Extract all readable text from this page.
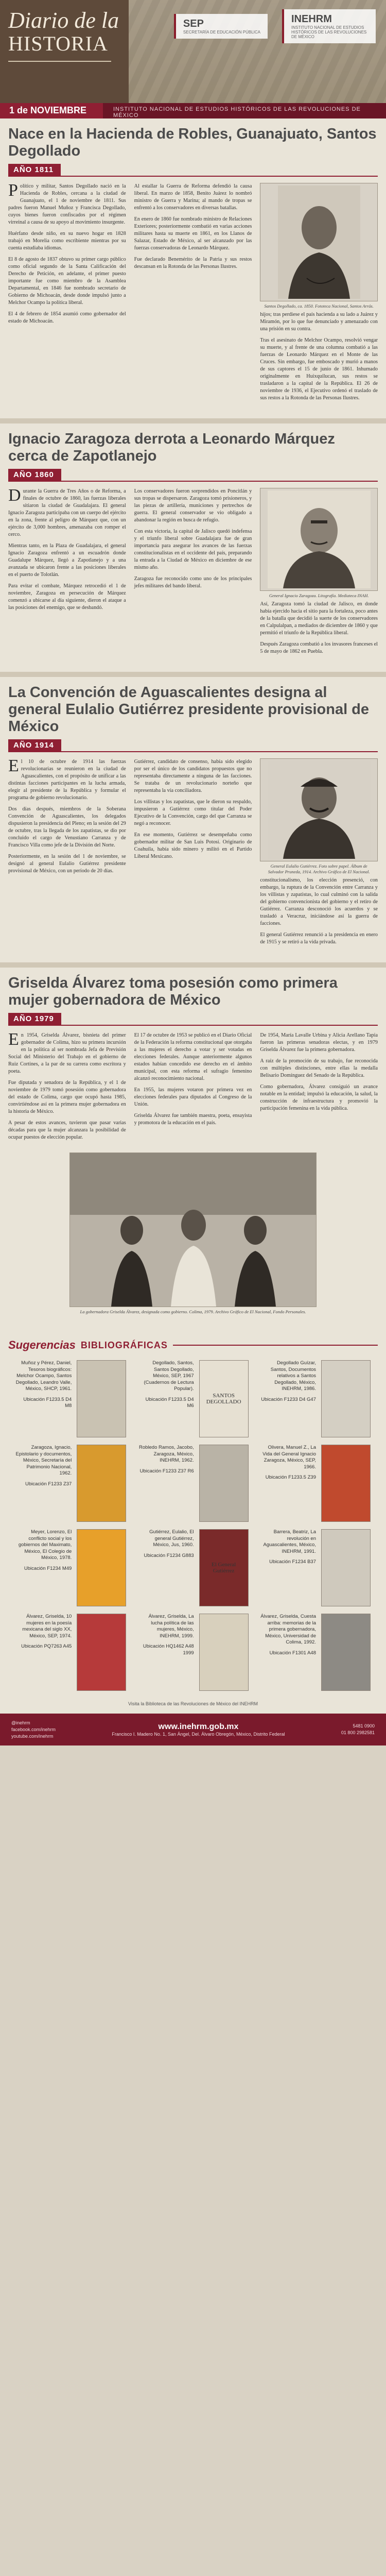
Diario de la
HISTORIA
SEP
SECRETARÍA DE EDUCACIÓN PÚBLICA
INEHRM
INSTITUTO NACIONAL DE ESTUDIOS HISTÓRICOS DE LAS REVOLUCIONES DE MÉXICO
1 de NOVIEMBRE	INSTITUTO NACIONAL DE ESTUDIOS HISTÓRICOS DE LAS REVOLUCIONES DE MÉXICO
Nace en la Hacienda de Robles, Guanajuato, Santos Degollado
AÑO 1811

Político y militar, Santos Degollado nació en la Hacienda de Robles, cercana a la ciudad de Guanajuato, el 1 de noviembre de 1811. Sus padres fueron Manuel Muñoz y Francisca Degollado, cuyos bienes fueron confiscados por el régimen virreinal a causa de su apoyo al movimiento insurgente.

Huérfano desde niño, en su nuevo hogar en 1828 trabajó en Morelia como escribiente mientras por su cuenta estudiaba idiomas.

El 8 de agosto de 1837 obtuvo su primer cargo público como oficial segundo de la Santa Calificación del Derecho de Petición, en adelante, el primer puesto importante fue como miembro de la Asamblea Departamental, en 1846 fue nombrado secretario de Gobierno de Michoacán, desde donde impulsó junto a Melchor Ocampo la política liberal.

El 4 de febrero de 1854 asumió como gobernador del estado de Michoacán.

Al estallar la Guerra de Reforma defendió la causa liberal. En marzo de 1858, Benito Juárez lo nombró ministro de Guerra y Marina; al mando de tropas se enfrentó a los conservadores en diversas batallas.

En enero de 1860 fue nombrado ministro de Relaciones Exteriores; posteriormente combatió en varias acciones militares hasta su muerte en 1861, en los Llanos de Salazar, Estado de México, al ser alcanzado por las fuerzas conservadoras de Leonardo Márquez.

Fue declarado Benemérito de la Patria y sus restos descansan en la Rotonda de las Personas Ilustres.

Santos Degollado, ca. 1850. Fototeca Nacional, Santos Arrás.

hijos; tras perdiese el país hacienda a su lado a Juárez y Miramón, por lo que fue denunciado y amenazado con una prisión en su contra.

Tras el asesinato de Melchor Ocampo, resolvió vengar su muerte, y al frente de una columna combatió a las fuerzas de Leonardo Márquez en el Monte de las Cruces. Sin embargo, fue emboscado y murió a manos de sus captores el 15 de junio de 1861. Inhumado originalmente en Huixquilucan, sus restos se trasladaron a la capital de la República. El 26 de noviembre de 1936, el Ejecutivo ordenó el traslado de sus restos a la Rotonda de las Personas Ilustres.

Ignacio Zaragoza derrota a Leonardo Márquez cerca de Zapotlanejo
AÑO 1860

Durante la Guerra de Tres Años o de Reforma, a finales de octubre de 1860, las fuerzas liberales sitiaron la ciudad de Guadalajara. El general Ignacio Zaragoza participaba con un cuerpo del ejército en la zona, frente al peligro de Márquez que, con un ejército de 3,000 hombres, amenazaba con romper el cerco.

Mientras tanto, en la Plaza de Guadalajara, el general Ignacio Zaragoza enfrentó a un escuadrón donde Guadalupe Márquez, llegó a Zapotlanejo y a una avanzada se ubicaron frente a las posiciones liberales en el puerto de Tolotlán.

Para evitar el combate, Márquez retrocedió el 1 de noviembre, Zaragoza en persecución de Márquez comenzó a ubicarse al día siguiente, dieron el ataque a las posiciones del enemigo, que se desbandó.

Los conservadores fueron sorprendidos en Poncitlán y sus tropas se dispersaron. Zaragoza tomó prisioneros, y las piezas de artillería, municiones y pertrechos de guerra. El general conservador se vio obligado a abandonar la región en busca de refugio.

Con esta victoria, la capital de Jalisco quedó indefensa y el triunfo liberal sobre Guadalajara fue de gran importancia para asegurar los avances de las fuerzas constitucionalistas en el occidente del país, preparando la entrada a la Ciudad de México en diciembre de ese mismo año.

Zaragoza fue reconocido como uno de los principales jefes militares del bando liberal.

General Ignacio Zaragoza. Litografía. Mediateca INAH.

Así, Zaragoza tomó la ciudad de Jalisco, en donde había ejercido hacia el sitio para la fortaleza, poco antes de la batalla que decidió la suerte de los conservadores en Calpulalpan, a mediados de diciembre de 1860 y que permitió el triunfo de la República liberal.

Después Zaragoza combatió a los invasores franceses el 5 de mayo de 1862 en Puebla.

La Convención de Aguascalientes designa al general Eulalio Gutiérrez presidente provisional de México
AÑO 1914

El 10 de octubre de 1914 las fuerzas revolucionarias se reunieron en la ciudad de Aguascalientes, con el propósito de unificar a las distintas facciones participantes en la lucha armada, elegir al presidente de la República y formular el programa de gobierno revolucionario.

Dos días después, miembros de la Soberana Convención de Aguascalientes, los delegados dispusieron la presidencia del Pleno; en la sesión del 29 de octubre, tras la llegada de los zapatistas, se dio por concluido el cargo de Venustiano Carranza y de Francisco Villa como jefe de la División del Norte.

Posteriormente, en la sesión del 1 de noviembre, se designó al general Eulalio Gutiérrez presidente provisional de México, con un período de 20 días.

Gutiérrez, candidato de consenso, había sido elegido por ser el único de los candidatos propuestos que no representaba directamente a ninguna de las facciones. Se trataba de un revolucionario norteño que representaba la vía conciliadora.

Los villistas y los zapatistas, que le dieron su respaldo, impusieron a Gutiérrez como titular del Poder Ejecutivo de la Convención, cargo del que Carranza se negó a reconocer.

En ese momento, Gutiérrez se desempeñaba como gobernador militar de San Luis Potosí. Originario de Coahuila, había sido minero y militó en el Partido Liberal Mexicano.

General Eulalio Gutiérrez. Foto sobre papel. Álbum de Salvador Pruneda, 1914. Archivo Gráfico de El Nacional.

constitucionalismo, los elección presenció, con embargo, la ruptura de la Convención entre Carranza y los villistas y zapatistas, lo cual culminó con la salida del gobierno convencionista del gobierno y el retiro de Gutiérrez. Carranza desconoció los acuerdos y se trasladó a Veracruz, iniciándose así la guerra de facciones.

El general Gutiérrez renunció a la presidencia en enero de 1915 y se retiró a la vida privada.

Griselda Álvarez toma posesión como primera mujer gobernadora de México
AÑO 1979

En 1954, Griselda Álvarez, bisnieta del primer gobernador de Colima, hizo su primera incursión en la política al ser nombrada Jefa de Previsión Social del Ministerio del Trabajo en el gobierno de Ruiz Cortines, a la par de su carrera como escritora y poeta.

Fue diputada y senadora de la República, y el 1 de noviembre de 1979 tomó posesión como gobernadora del estado de Colima, cargo que ocupó hasta 1985, convirtiéndose así en la primera mujer gobernadora en la historia de México.

A pesar de estos avances, tuvieron que pasar varias décadas para que la mujer alcanzara la posibilidad de ocupar puestos de elección popular.

El 17 de octubre de 1953 se publicó en el Diario Oficial de la Federación la reforma constitucional que otorgaba a las mujeres el derecho a votar y ser votadas en elecciones federales. Aunque anteriormente algunos estados habían concedido ese derecho en el ámbito municipal, con esta reforma el sufragio femenino alcanzó reconocimiento nacional.

En 1955, las mujeres votaron por primera vez en elecciones federales para diputados al Congreso de la Unión.

Griselda Álvarez fue también maestra, poeta, ensayista y promotora de la educación en el país.

De 1954, María Lavalle Urbina y Alicia Arellano Tapia fueron las primeras senadoras electas, y en 1979 Griselda Álvarez fue la primera gobernadora.

A raíz de la promoción de su trabajo, fue reconocida con múltiples distinciones, entre ellas la medalla Belisario Domínguez del Senado de la República.

Como gobernadora, Álvarez consiguió un avance notable en la entidad; impulsó la educación, la salud, la construcción de infraestructura y promovió la participación femenina en la vida pública.

La gobernadora Griselda Álvarez, designada como gobierno. Colima, 1979. Archivo Gráfico de El Nacional, Fondo Personales.
Sugerencias BIBLIOGRÁFICAS
Muñoz y Pérez, Daniel, Tesoros biográficos: Melchor Ocampo, Santos Degollado, Leandro Valle, México, SHCP, 1961.
Ubicación F1233.5 D4 M8
Degollado, Santos, Santos Degollado, México, SEP, 1967 (Cuadernos de Lectura Popular).
Ubicación F1233.5 D4 M6
SANTOS DEGOLLADO
Degollado Guízar, Santos, Documentos relativos a Santos Degollado, México, INEHRM, 1986.
Ubicación F1233 D4 G47
Zaragoza, Ignacio, Epistolario y documentos, México, Secretaría del Patrimonio Nacional, 1962.
Ubicación F1233 Z37
Robledo Ramos, Jacobo, Zaragoza, México, INEHRM, 1962.
Ubicación F1233 Z37 R6
Olivera, Manuel Z., La Vida del General Ignacio Zaragoza, México, SEP, 1966.
Ubicación F1233.5 Z39
Meyer, Lorenzo, El conflicto social y los gobiernos del Maximato, México, El Colegio de México, 1978.
Ubicación F1234 M49
Gutiérrez, Eulalio, El general Gutiérrez, México, Jus, 1960.
Ubicación F1234 G883
El General Gutiérrez
Barrera, Beatriz, La revolución en Aguascalientes, México, INEHRM, 1991.
Ubicación F1234 B37
Álvarez, Griselda, 10 mujeres en la poesía mexicana del siglo XX, México, SEP, 1974.
Ubicación PQ7263 A45
Álvarez, Griselda, La lucha política de las mujeres, México, INEHRM, 1999.
Ubicación HQ1462 A48 1999
Álvarez, Griselda, Cuesta arriba: memorias de la primera gobernadora, México, Universidad de Colima, 1992.
Ubicación F1301 A48
Visita la Biblioteca de las Revoluciones de México del INEHRM
@inehrm
facebook.com/inehrm
youtube.com/inehrm
www.inehrm.gob.mx
Francisco I. Madero No. 1, San Ángel, Del. Álvaro Obregón, México, Distrito Federal
5481 0900
01 800 2982581
